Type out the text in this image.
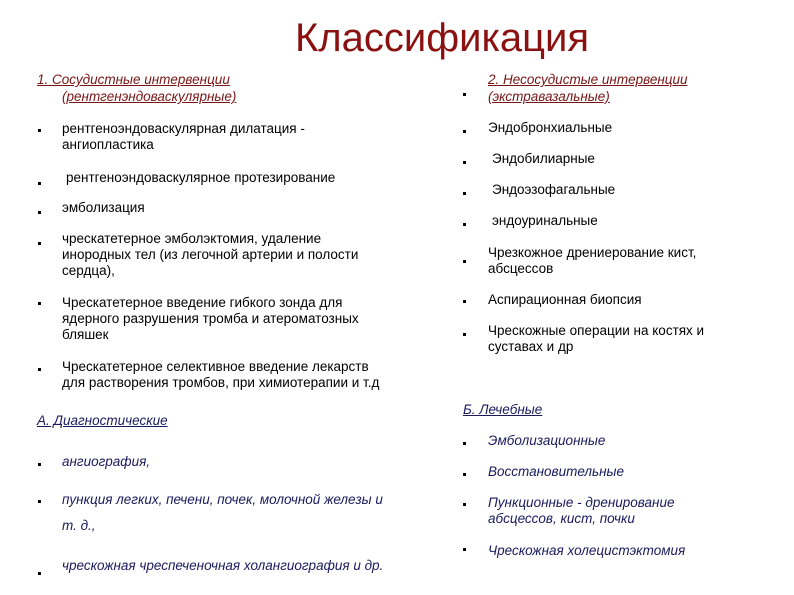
Классификация
1. Сосудистные интервенции
(рентгенэндоваскулярные)
рентгеноэндоваскулярная дилатация -
ангиопластика
рентгеноэндоваскулярное протезирование
эмболизация
чрескатетерное эмболэктомия, удаление
инородных тел (из легочной артерии и полости
сердца),
Чрескатетерное введение гибкого зонда для
ядерного разрушения тромба и атероматозных
бляшек
Чрескатетерное селективное введение лекарств
для растворения тромбов, при химиотерапии и т.д
2. Несосудистые интервенции
(экстравазальные)
Эндобронхиальные
Эндобилиарные
Эндоэзофагальные
эндоуринальные
Чрезкожное дрениерование кист,
абсцессов
Аспирационная биопсия
Чрескожные операции на костях и
суставах и др
А. Диагностические
ангиография,
пункция легких, печени, почек, молочной железы и
т. д.,
чрескожная чреспеченочная холангиография и др.
Б. Лечебные
Эмболизационные
Восстановительные
Пункционные - дренирование
абсцессов, кист, почки
Чрескожная холецистэктомия
